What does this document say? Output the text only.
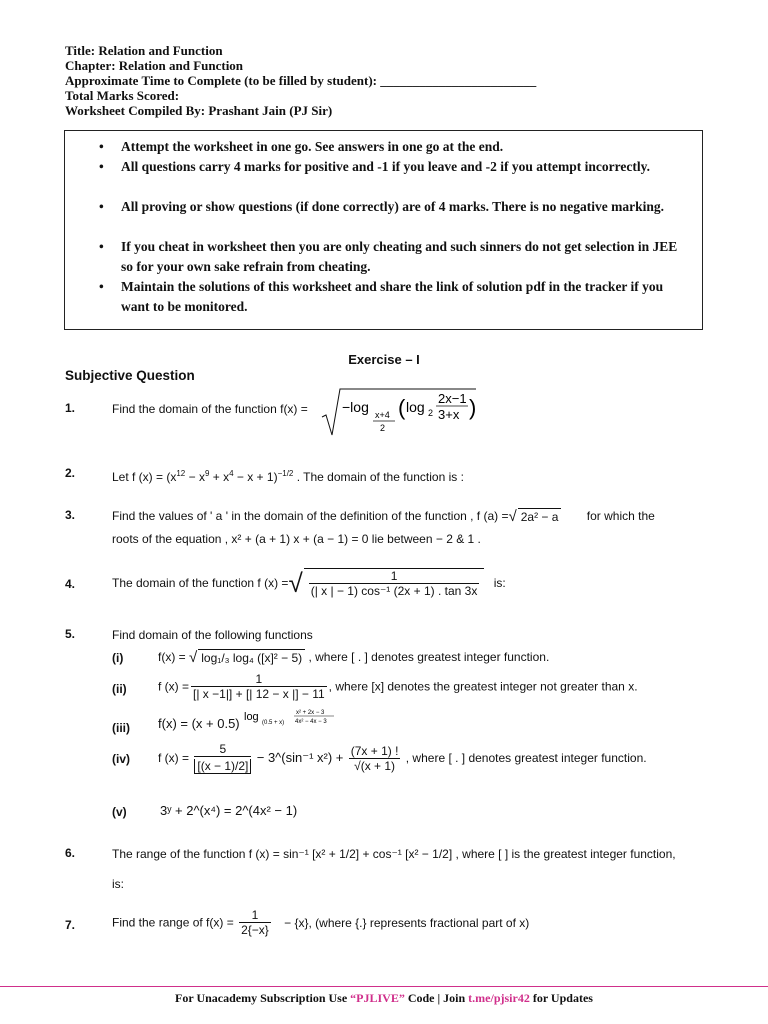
Title: Relation and Function
Chapter: Relation and Function
Approximate Time to Complete (to be filled by student): ________________________
Total Marks Scored:
Worksheet Compiled By: Prashant Jain (PJ Sir)
• Attempt the worksheet in one go. See answers in one go at the end.
• All questions carry 4 marks for positive and -1 if you leave and -2 if you attempt incorrectly.
• All proving or show questions (if done correctly) are of 4 marks. There is no negative marking.
• If you cheat in worksheet then you are only cheating and such sinners do not get selection in JEE so for your own sake refrain from cheating.
• Maintain the solutions of this worksheet and share the link of solution pdf in the tracker if you want to be monitored.
Exercise – I
Subjective Question
1.	Find the domain of the function f(x) = −log x+4
2
( log 2
2x−1
3+x )
2.	Let f $(x) = (x^{12} - x^9 + x^4 - x + 1)^{-1/2}$ . The domain of the function is :
3.	Find the values of ' a ' in the domain of the definition of the function , f (a) =√ 2a² − a for which the
roots of the equation , x² + (a + 1) x + (a − 1) = 0 lie between − 2 & 1 .
4.	The domain of the function f (x) =√ $\frac{1}{\text{(| x | − 1) cos⁻¹ (2x + 1) . tan 3x}}$ is:
5.	Find domain of the following functions
(i)	f(x) = √ log₁/₃ log₄ ([x]² − 5) , where [ . ] denotes greatest integer function.
(ii)	f $(x) = \frac{1}{[| x -1|] + [| 12 - x |] - 11}$ , where [x] denotes the greatest integer not greater than x.
(iii) f(x) = (x + 0.5) log (0.5 + x)
x² + 2x − 3
4x² − 4x − 3
(iv) f $(x) = \frac{5}{[(x - 1)/2]}$ − 3^(sin⁻¹ $x^2) + \frac{(7x + 1) !}{√(x + 1)}$ , where [ . ] denotes greatest integer function.
(v)	3ʸ + 2^(x⁴) = 2^(4x² − 1)
6.	The range of the function f (x) = sin⁻¹ [x² + 1/2] + cos⁻¹ [x² − 1/2] , where [ ] is the greatest integer function,
is:
7.	Find the range of $f(x) = \frac{1}{2\{-x\}} - \{x\}$, (where {.} represents fractional part of x)
For Unacademy Subscription Use “PJLIVE” Code | Join t.me/pjsir42 for Updates
